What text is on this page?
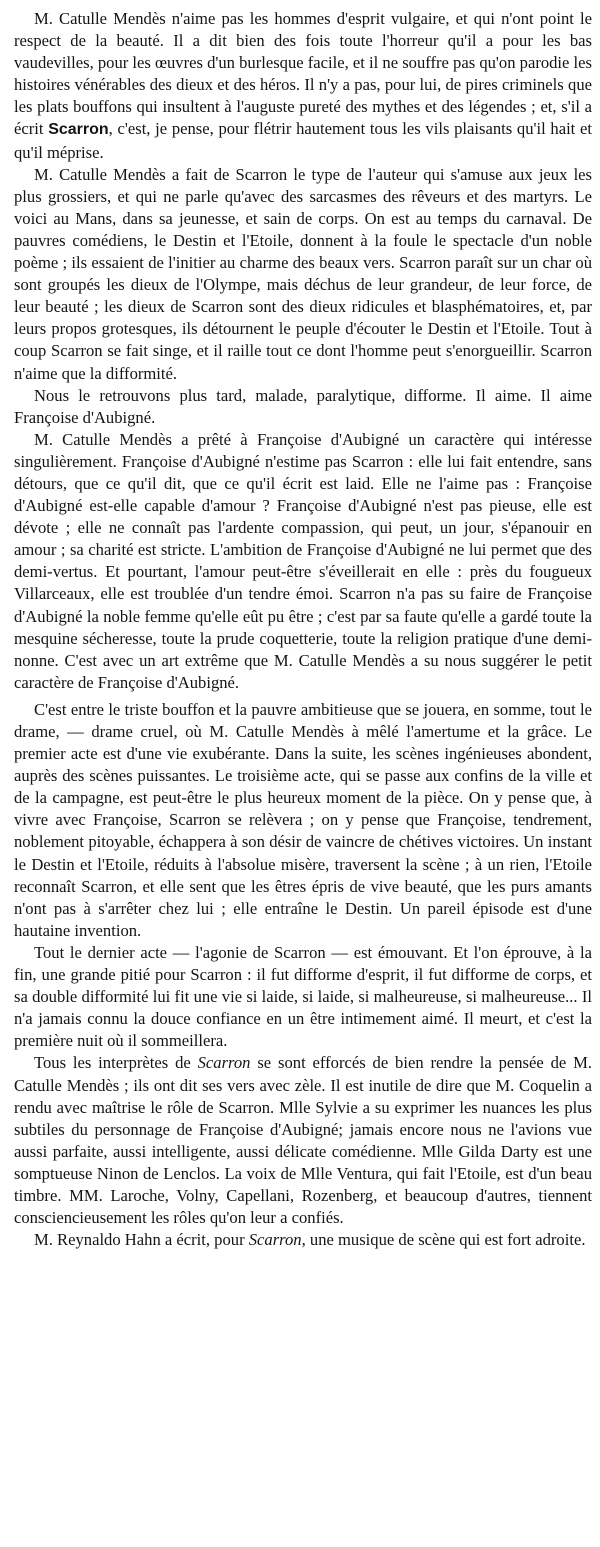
M. Catulle Mendès n'aime pas les hommes d'esprit vulgaire, et qui n'ont point le respect de la beauté. Il a dit bien des fois toute l'horreur qu'il a pour les bas vaudevilles, pour les œuvres d'un burlesque facile, et il ne souffre pas qu'on parodie les histoires vénérables des dieux et des héros. Il n'y a pas, pour lui, de pires criminels que les plats bouffons qui insultent à l'auguste pureté des mythes et des légendes ; et, s'il a écrit Scarron, c'est, je pense, pour flétrir hautement tous les vils plaisants qu'il hait et qu'il méprise.

M. Catulle Mendès a fait de Scarron le type de l'auteur qui s'amuse aux jeux les plus grossiers, et qui ne parle qu'avec des sarcasmes des rêveurs et des martyrs. Le voici au Mans, dans sa jeunesse, et sain de corps. On est au temps du carnaval. De pauvres comédiens, le Destin et l'Etoile, donnent à la foule le spectacle d'un noble poème ; ils essaient de l'initier au charme des beaux vers. Scarron paraît sur un char où sont groupés les dieux de l'Olympe, mais déchus de leur grandeur, de leur force, de leur beauté ; les dieux de Scarron sont des dieux ridicules et blasphématoires, et, par leurs propos grotesques, ils détournent le peuple d'écouter le Destin et l'Etoile. Tout à coup Scarron se fait singe, et il raille tout ce dont l'homme peut s'enorgueillir. Scarron n'aime que la difformité.

Nous le retrouvons plus tard, malade, paralytique, difforme. Il aime. Il aime Françoise d'Aubigné.

M. Catulle Mendès a prêté à Françoise d'Aubigné un caractère qui intéresse singulièrement. Françoise d'Aubigné n'estime pas Scarron : elle lui fait entendre, sans détours, que ce qu'il dit, que ce qu'il écrit est laid. Elle ne l'aime pas : Françoise d'Aubigné est-elle capable d'amour ? Françoise d'Aubigné n'est pas pieuse, elle est dévote ; elle ne connaît pas l'ardente compassion, qui peut, un jour, s'épanouir en amour ; sa charité est stricte. L'ambition de Françoise d'Aubigné ne lui permet que des demi-vertus. Et pourtant, l'amour peut-être s'éveillerait en elle : près du fougueux Villarceaux, elle est troublée d'un tendre émoi. Scarron n'a pas su faire de Françoise d'Aubigné la noble femme qu'elle eût pu être ; c'est par sa faute qu'elle a gardé toute la mesquine sécheresse, toute la prude coquetterie, toute la religion pratique d'une demi-nonne. C'est avec un art extrême que M. Catulle Mendès a su nous suggérer le petit caractère de Françoise d'Aubigné.

C'est entre le triste bouffon et la pauvre ambitieuse que se jouera, en somme, tout le drame, — drame cruel, où M. Catulle Mendès à mêlé l'amertume et la grâce. Le premier acte est d'une vie exubérante. Dans la suite, les scènes ingénieuses abondent, auprès des scènes puissantes. Le troisième acte, qui se passe aux confins de la ville et de la campagne, est peut-être le plus heureux moment de la pièce. On y pense que, à vivre avec Françoise, Scarron se relèvera ; on y pense que Françoise, tendrement, noblement pitoyable, échappera à son désir de vaincre de chétives victoires. Un instant le Destin et l'Etoile, réduits à l'absolue misère, traversent la scène ; à un rien, l'Etoile reconnaît Scarron, et elle sent que les êtres épris de vive beauté, que les purs amants n'ont pas à s'arrêter chez lui ; elle entraîne le Destin. Un pareil épisode est d'une hautaine invention.

Tout le dernier acte — l'agonie de Scarron — est émouvant. Et l'on éprouve, à la fin, une grande pitié pour Scarron : il fut difforme d'esprit, il fut difforme de corps, et sa double difformité lui fit une vie si laide, si laide, si malheureuse, si malheureuse... Il n'a jamais connu la douce confiance en un être intimement aimé. Il meurt, et c'est la première nuit où il sommeillera.

Tous les interprètes de Scarron se sont efforcés de bien rendre la pensée de M. Catulle Mendès ; ils ont dit ses vers avec zèle. Il est inutile de dire que M. Coquelin a rendu avec maîtrise le rôle de Scarron. Mlle Sylvie a su exprimer les nuances les plus subtiles du personnage de Françoise d'Aubigné; jamais encore nous ne l'avions vue aussi parfaite, aussi intelligente, aussi délicate comédienne. Mlle Gilda Darty est une somptueuse Ninon de Lenclos. La voix de Mlle Ventura, qui fait l'Etoile, est d'un beau timbre. MM. Laroche, Volny, Capellani, Rozenberg, et beaucoup d'autres, tiennent consciencieusement les rôles qu'on leur a confiés.

M. Reynaldo Hahn a écrit, pour Scarron, une musique de scène qui est fort adroite.
